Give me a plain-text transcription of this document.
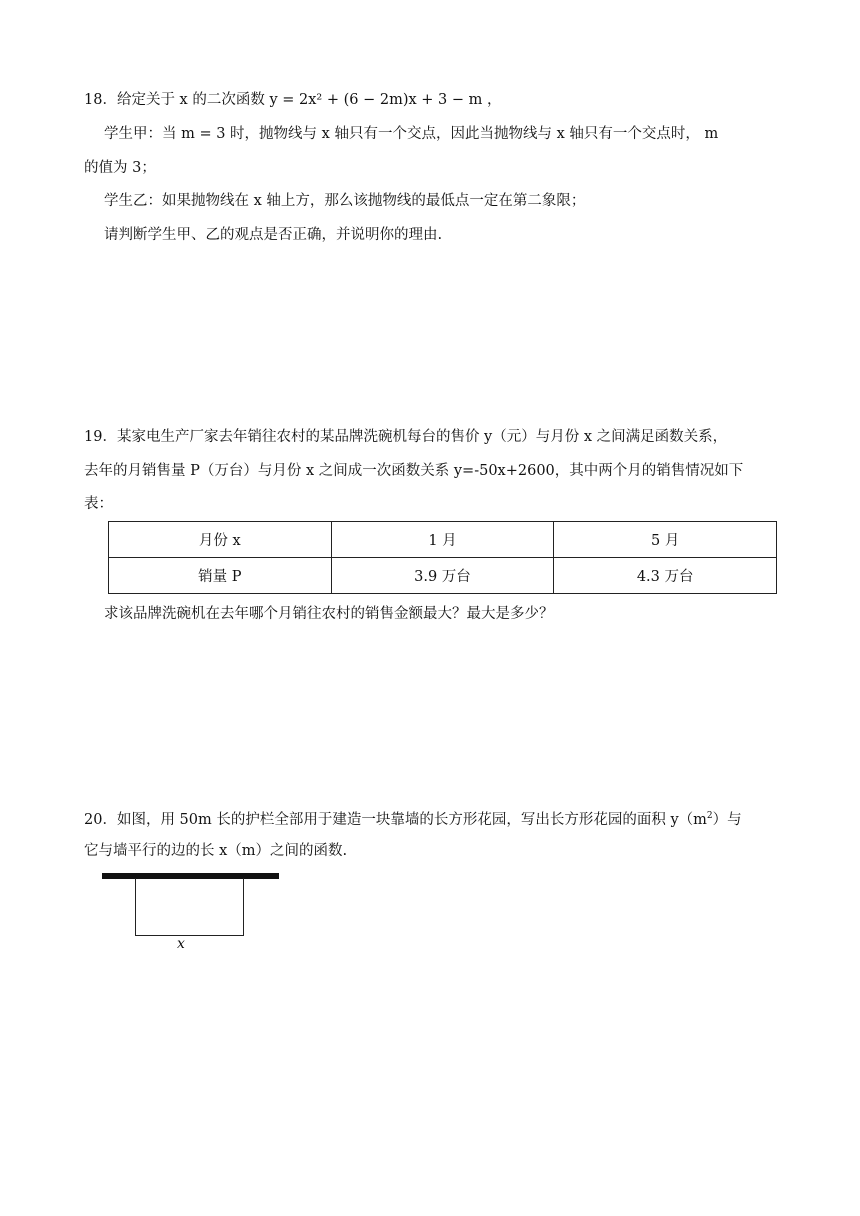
18．给定关于 x 的二次函数 y = 2x² + (6 − 2m)x + 3 − m ，
学生甲：当 m = 3 时，抛物线与 x 轴只有一个交点，因此当抛物线与 x 轴只有一个交点时， m
的值为 3；
学生乙：如果抛物线在 x 轴上方，那么该抛物线的最低点一定在第二象限；
请判断学生甲、乙的观点是否正确，并说明你的理由.
19．某家电生产厂家去年销往农村的某品牌洗碗机每台的售价 y（元）与月份 x 之间满足函数关系，
去年的月销售量 P（万台）与月份 x 之间成一次函数关系 y=-50x+2600，其中两个月的销售情况如下
表：
月份 x	1 月	5 月
销量 P	3.9 万台	4.3 万台
求该品牌洗碗机在去年哪个月销往农村的销售金额最大？最大是多少？
20．如图，用 50m 长的护栏全部用于建造一块靠墙的长方形花园，写出长方形花园的面积 $y(m^2)$与
它与墙平行的边的长 x（m）之间的函数.
x
